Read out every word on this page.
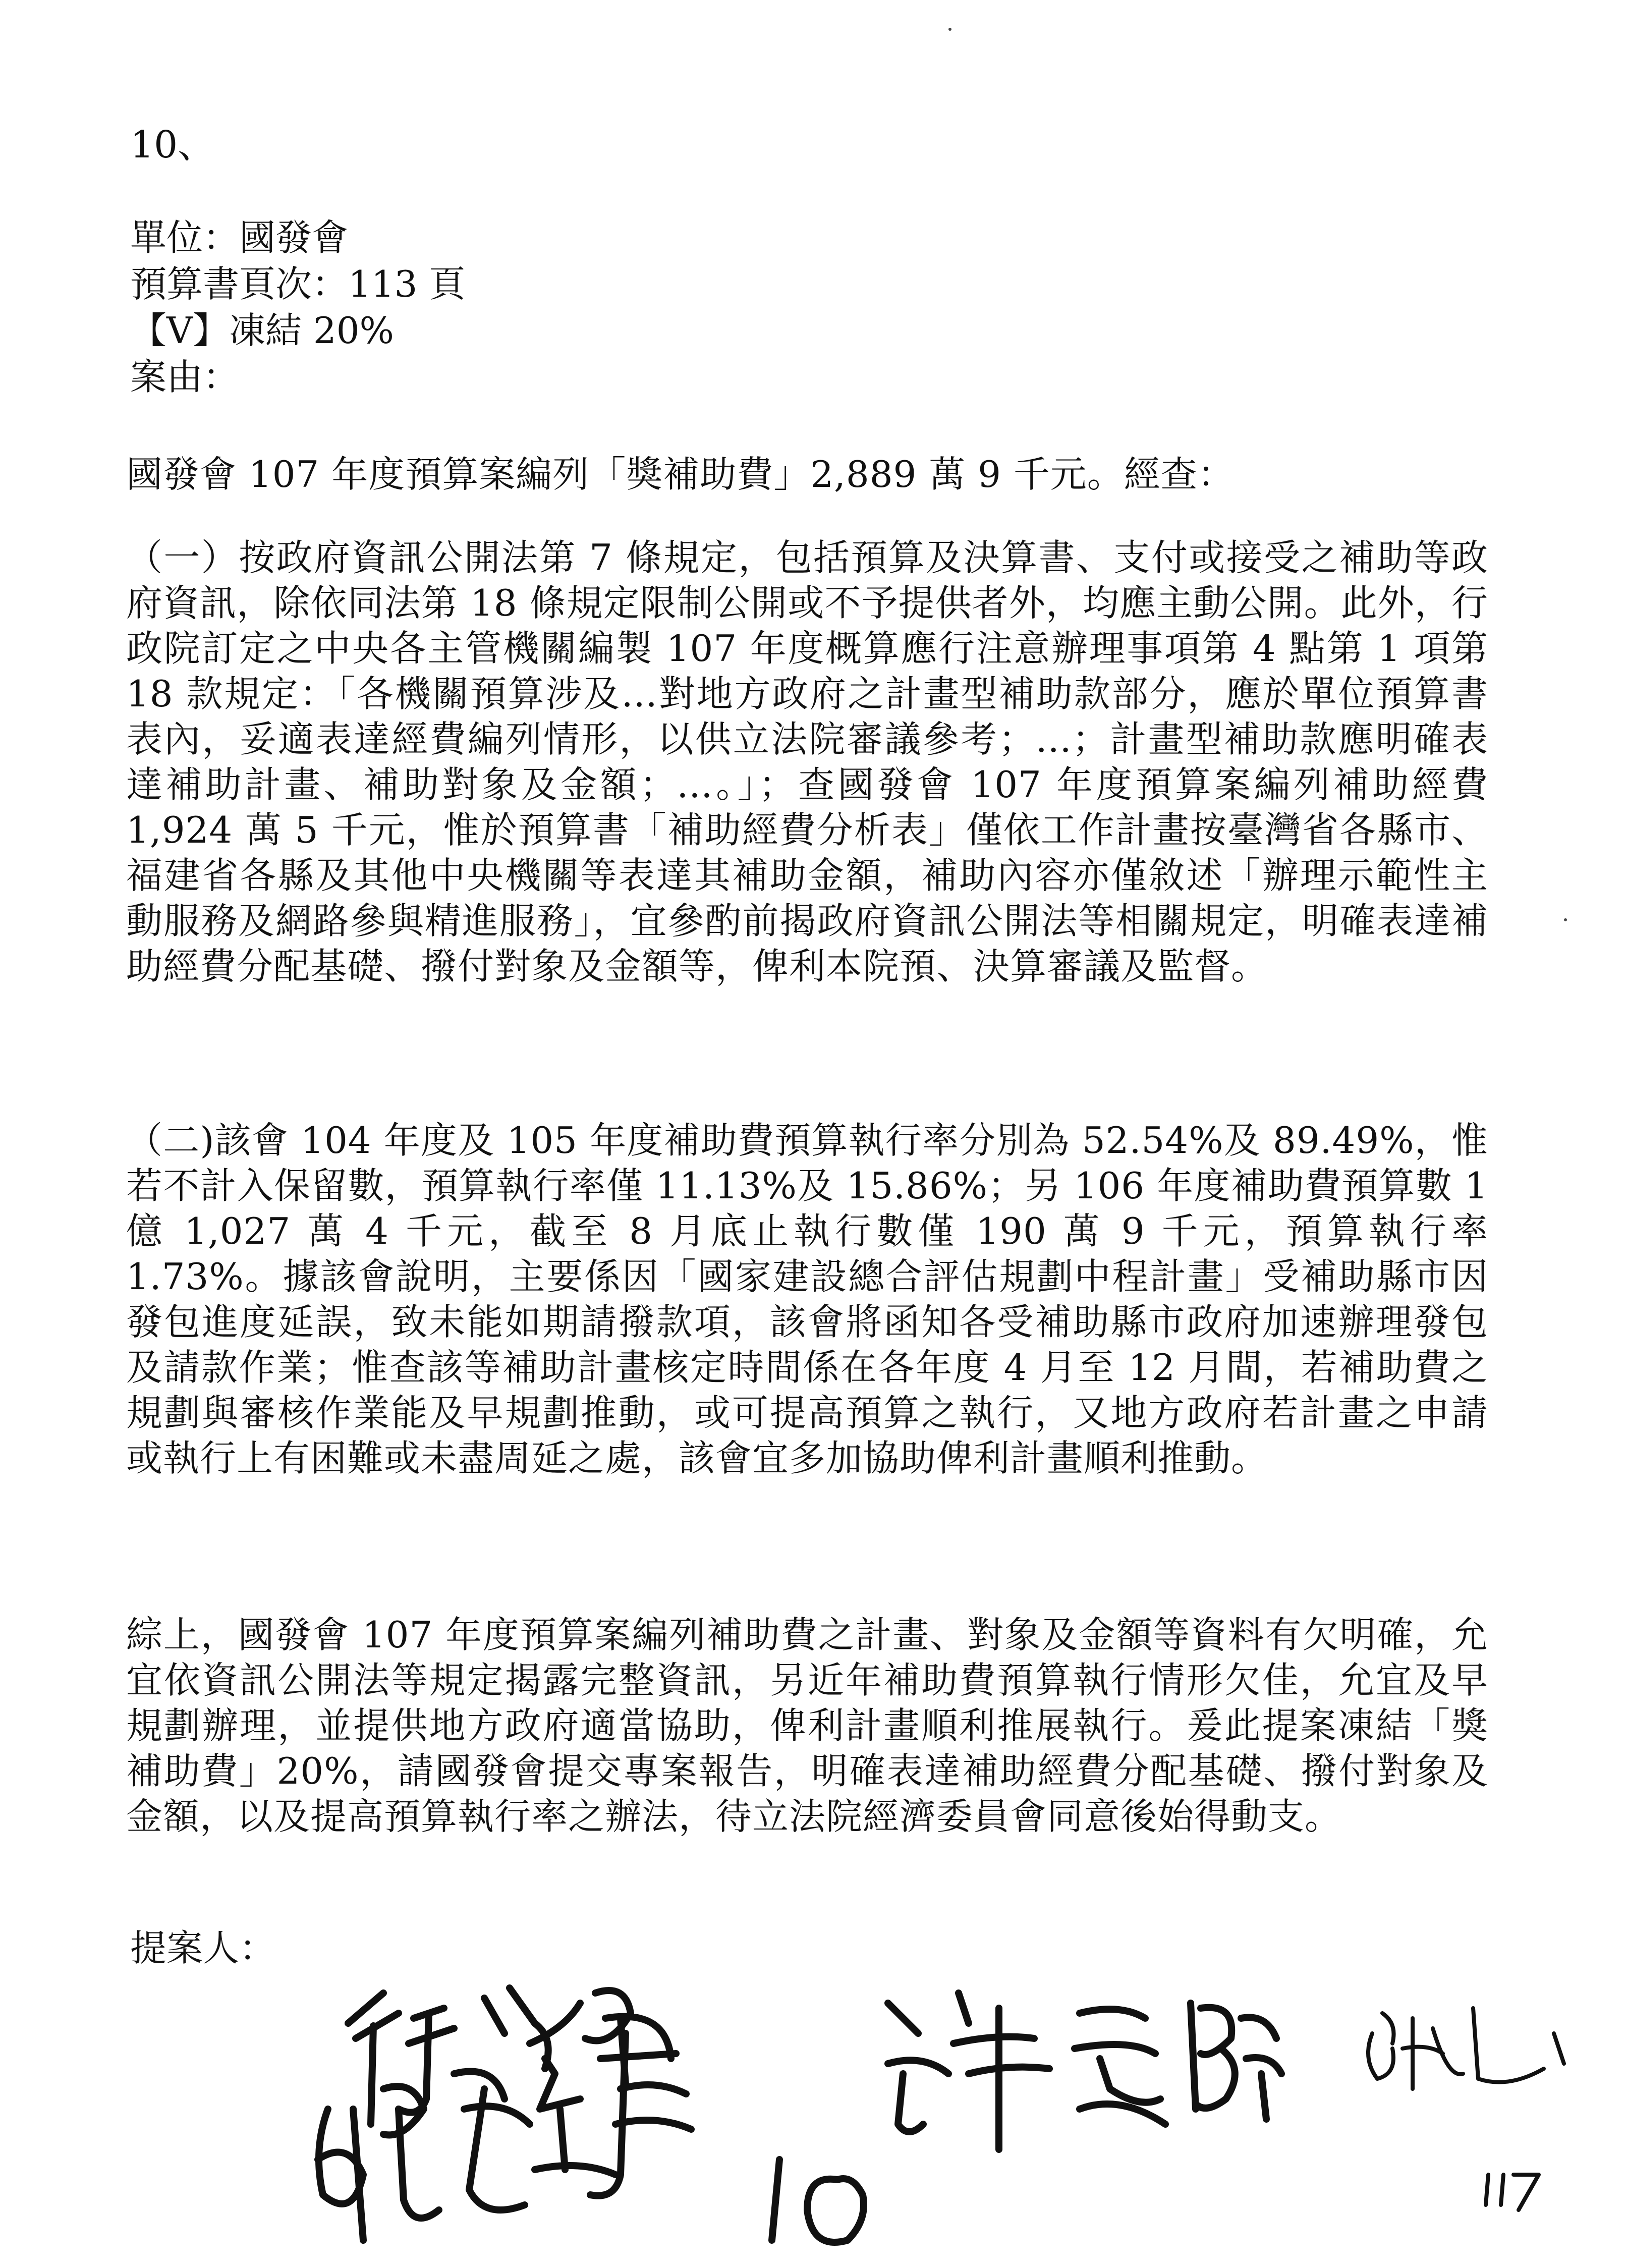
10、
單位：國發會
預算書頁次：113 頁
【V】凍結 20%
案由：
國發會 107 年度預算案編列「獎補助費」2,889 萬 9 千元。經查：
（一）按政府資訊公開法第 7 條規定，包括預算及決算書、支付或接受之補助等政府資訊，除依同法第 18 條規定限制公開或不予提供者外，均應主動公開。此外，行政院訂定之中央各主管機關編製 107 年度概算應行注意辦理事項第 4 點第 1 項第 18 款規定：「各機關預算涉及…對地方政府之計畫型補助款部分，應於單位預算書表內，妥適表達經費編列情形，以供立法院審議參考；…；計畫型補助款應明確表達補助計畫、補助對象及金額；…。」；查國發會 107 年度預算案編列補助經費 1,924 萬 5 千元，惟於預算書「補助經費分析表」僅依工作計畫按臺灣省各縣市、福建省各縣及其他中央機關等表達其補助金額，補助內容亦僅敘述「辦理示範性主動服務及網路參與精進服務」，宜參酌前揭政府資訊公開法等相關規定，明確表達補助經費分配基礎、撥付對象及金額等，俾利本院預、決算審議及監督。
（二)該會 104 年度及 105 年度補助費預算執行率分別為 52.54%及 89.49%，惟若不計入保留數，預算執行率僅 11.13%及 15.86%；另 106 年度補助費預算數 1 億 1,027 萬 4 千元，截至 8 月底止執行數僅 190 萬 9 千元，預算執行率 1.73%。據該會說明，主要係因「國家建設總合評估規劃中程計畫」受補助縣市因發包進度延誤，致未能如期請撥款項，該會將函知各受補助縣市政府加速辦理發包及請款作業；惟查該等補助計畫核定時間係在各年度 4 月至 12 月間，若補助費之規劃與審核作業能及早規劃推動，或可提高預算之執行，又地方政府若計畫之申請或執行上有困難或未盡周延之處，該會宜多加協助俾利計畫順利推動。
綜上，國發會 107 年度預算案編列補助費之計畫、對象及金額等資料有欠明確，允宜依資訊公開法等規定揭露完整資訊，另近年補助費預算執行情形欠佳，允宜及早規劃辦理，並提供地方政府適當協助，俾利計畫順利推展執行。爰此提案凍結「獎補助費」20%，請國發會提交專案報告，明確表達補助經費分配基礎、撥付對象及金額，以及提高預算執行率之辦法，待立法院經濟委員會同意後始得動支。
提案人：
